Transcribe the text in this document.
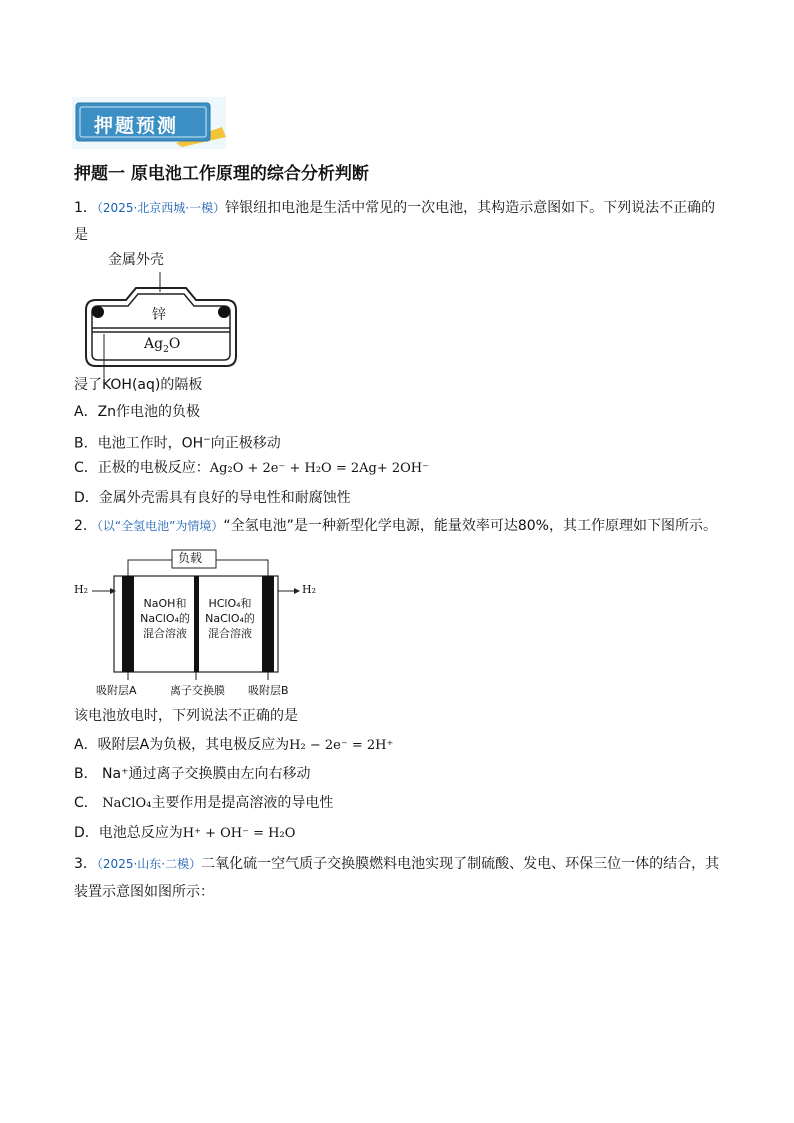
押题预测
押题一 原电池工作原理的综合分析判断
1．（2025·北京西城·一模）锌银纽扣电池是生活中常见的一次电池，其构造示意图如下。下列说法不正确的
是
金属外壳
锌
$Ag_2O$
浸了KOH(aq)的隔板
A．Zn作电池的负极
B．电池工作时，OH−向正极移动
C．正极的电极反应：Ag₂O + 2e⁻ + H₂O = 2Ag+ 2OH⁻
D．金属外壳需具有良好的导电性和耐腐蚀性
2．（以“全氢电池”为情境）“全氢电池”是一种新型化学电源，能量效率可达80%，其工作原理如下图所示。
负载
H₂	H₂
NaOH和
NaClO₄的
混合溶液
HClO₄和
NaClO₄的
混合溶液
吸附层A	离子交换膜 吸附层B
该电池放电时，下列说法不正确的是
A．吸附层A为负极，其电极反应为H₂ − 2e⁻ = 2H⁺
B． Na⁺通过离子交换膜由左向右移动
C． NaClO₄主要作用是提高溶液的导电性
D．电池总反应为H⁺ + OH⁻ = H₂O
3．（2025·山东·二模）二氧化硫一空气质子交换膜燃料电池实现了制硫酸、发电、环保三位一体的结合，其
装置示意图如图所示：
